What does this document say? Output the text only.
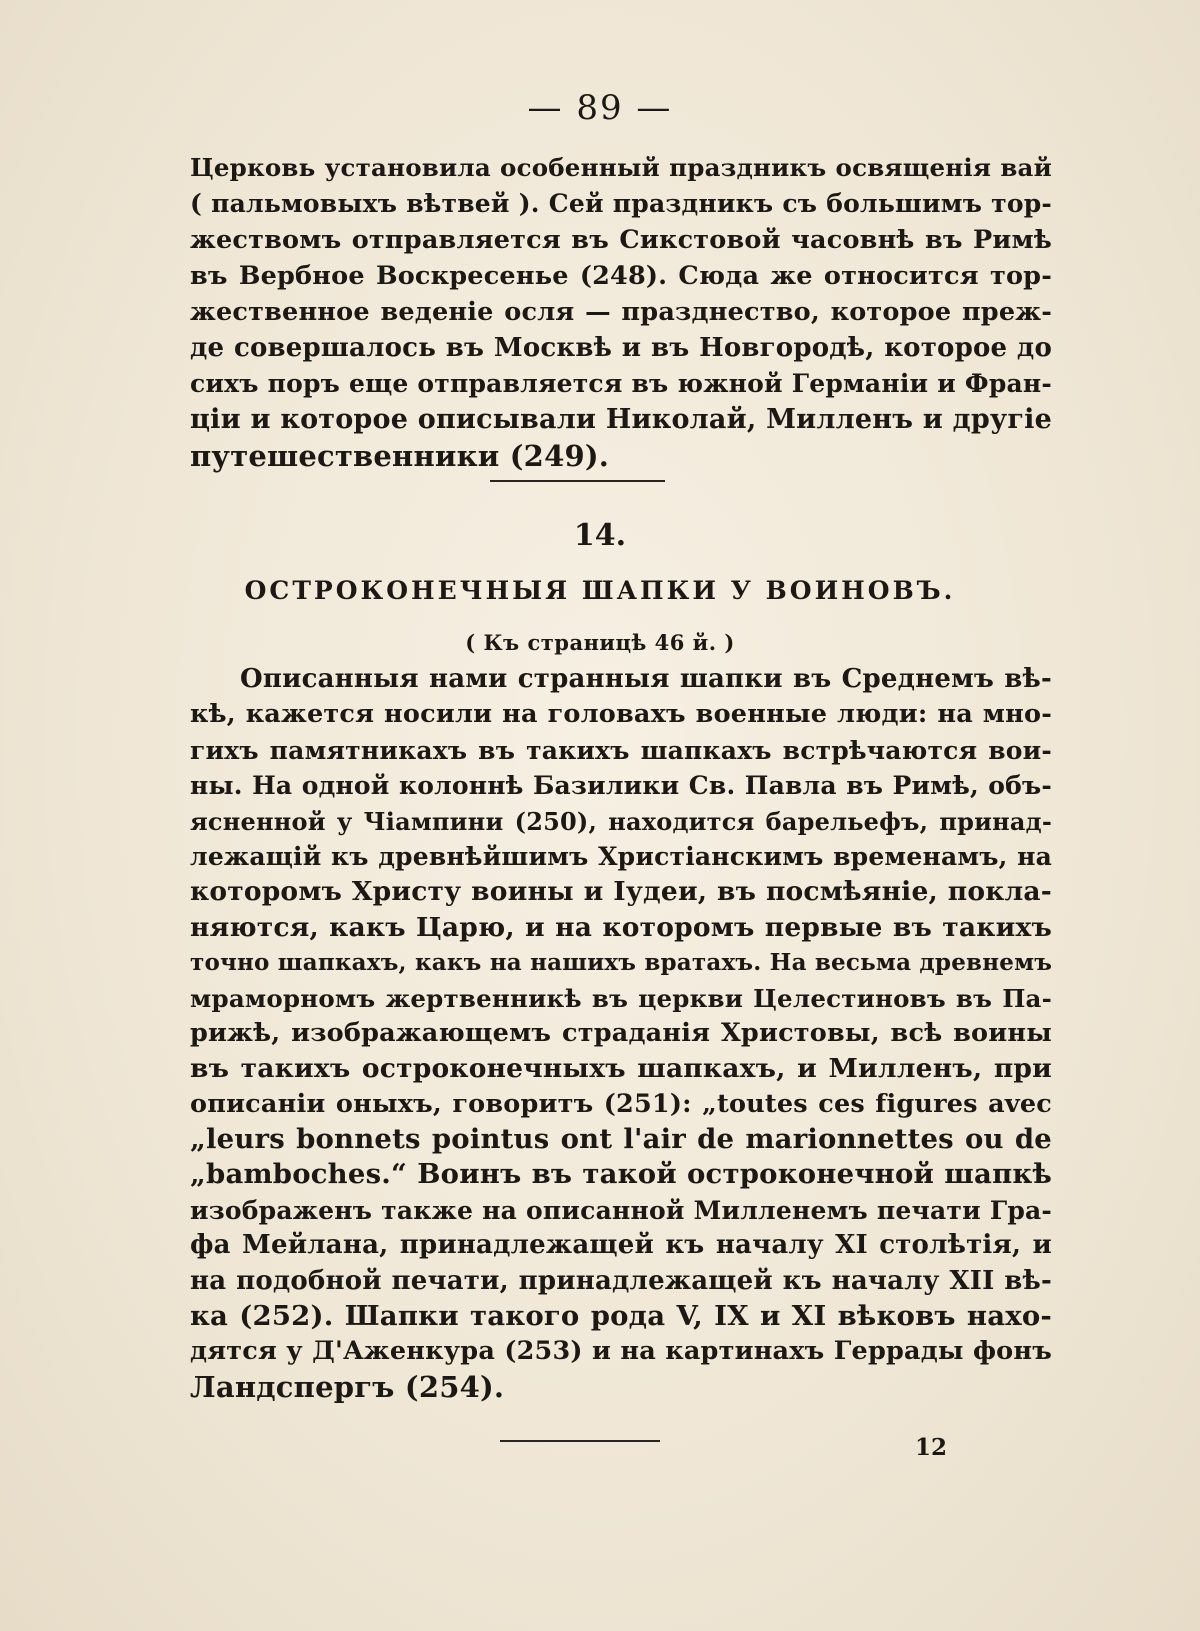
— 89 —
Церковь установила особенный праздникъ освященія вай
( пальмовыхъ вѣтвей ). Сей праздникъ съ большимъ тор-
жествомъ отправляется въ Сикстовой часовнѣ въ Римѣ
въ Вербное Воскресенье (248). Сюда же относится тор-
жественное веденіе осля — празднество, которое преж-
де совершалось въ Москвѣ и въ Новгородѣ, которое до
сихъ поръ еще отправляется въ южной Германіи и Фран-
ціи и которое описывали Николай, Милленъ и другіе
путешественники (249).
14.
ОСТРОКОНЕЧНЫЯ ШАПКИ У ВОИНОВЪ.
( Къ страницѣ 46 й. )
Описанныя нами странныя шапки въ Среднемъ вѣ-
кѣ, кажется носили на головахъ военные люди: на мно-
гихъ памятникахъ въ такихъ шапкахъ встрѣчаются вои-
ны. На одной колоннѣ Базилики Св. Павла въ Римѣ, объ-
ясненной у Чіампини (250), находится барельефъ, принад-
лежащій къ древнѣйшимъ Христіанскимъ временамъ, на
которомъ Христу воины и Іудеи, въ посмѣяніе, покла-
няются, какъ Царю, и на которомъ первые въ такихъ
точно шапкахъ, какъ на нашихъ вратахъ. На весьма древнемъ
мраморномъ жертвенникѣ въ церкви Целестиновъ въ Па-
рижѣ, изображающемъ страданія Христовы, всѣ воины
въ такихъ остроконечныхъ шапкахъ, и Милленъ, при
описаніи оныхъ, говоритъ (251): „toutes ces figures avec
„leurs bonnets pointus ont l'air de marionnettes ou de
„bamboches.“ Воинъ въ такой остроконечной шапкѣ
изображенъ также на описанной Милленемъ печати Гра-
фа Мейлана, принадлежащей къ началу XI столѣтія, и
на подобной печати, принадлежащей къ началу XII вѣ-
ка (252). Шапки такого рода V, IX и XI вѣковъ нахо-
дятся у Д'Аженкура (253) и на картинахъ Геррады фонъ
Ландспергъ (254).
12
